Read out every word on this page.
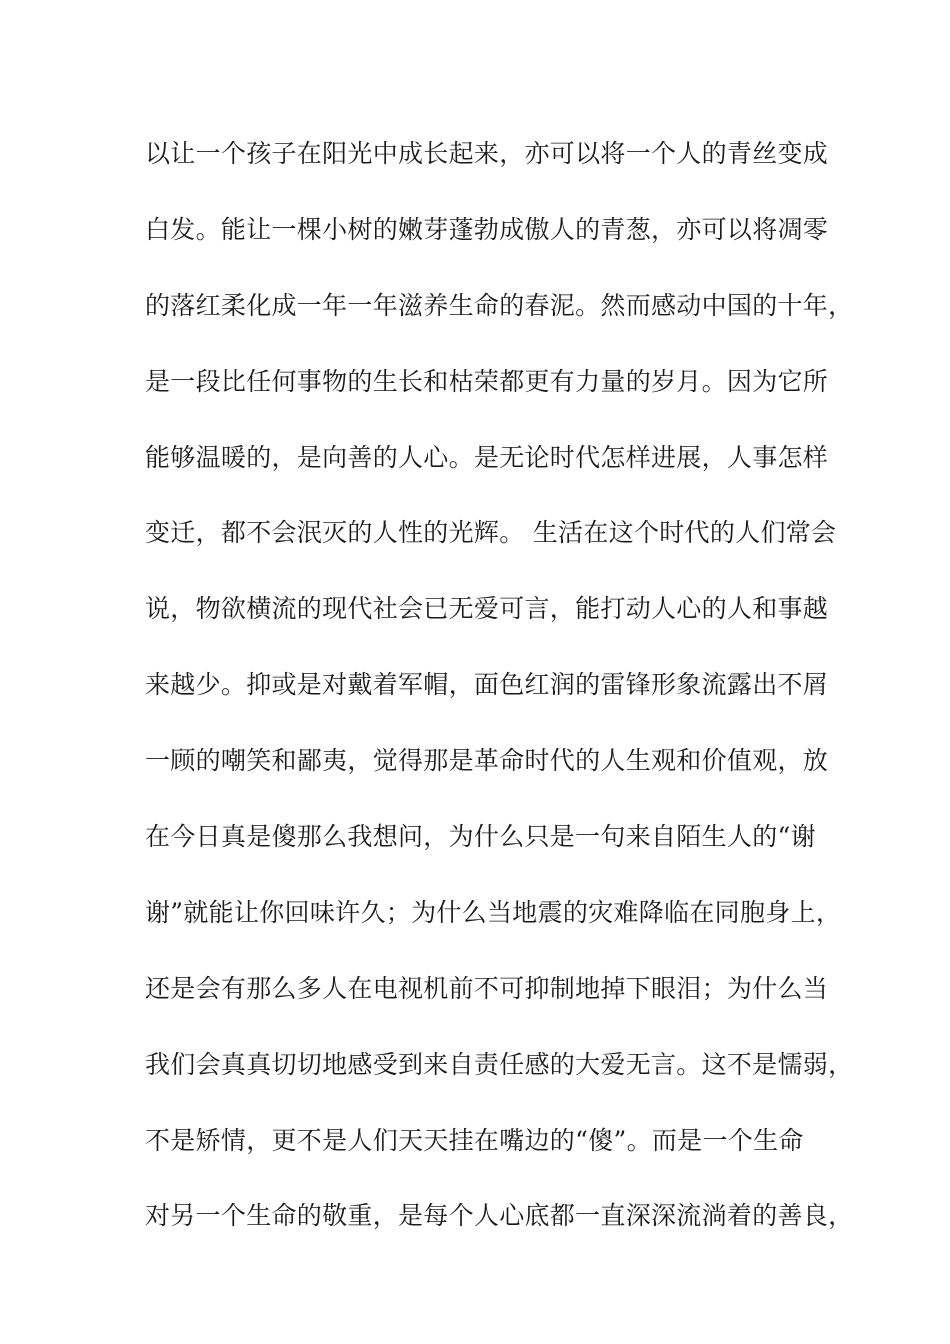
以让一个孩子在阳光中成长起来，亦可以将一个人的青丝变成
白发。能让一棵小树的嫩芽蓬勃成傲人的青葱，亦可以将凋零
的落红柔化成一年一年滋养生命的春泥。然而感动中国的十年，
是一段比任何事物的生长和枯荣都更有力量的岁月。因为它所
能够温暖的，是向善的人心。是无论时代怎样进展，人事怎样
变迁，都不会泯灭的人性的光辉。 生活在这个时代的人们常会
说，物欲横流的现代社会已无爱可言，能打动人心的人和事越
来越少。抑或是对戴着军帽，面色红润的雷锋形象流露出不屑
一顾的嘲笑和鄙夷，觉得那是革命时代的人生观和价值观，放
在今日真是傻那么我想问，为什么只是一句来自陌生人的“谢
谢”就能让你回味许久；为什么当地震的灾难降临在同胞身上，
还是会有那么多人在电视机前不可抑制地掉下眼泪；为什么当
我们会真真切切地感受到来自责任感的大爱无言。这不是懦弱，
不是矫情，更不是人们天天挂在嘴边的“傻”。而是一个生命
对另一个生命的敬重，是每个人心底都一直深深流淌着的善良，
